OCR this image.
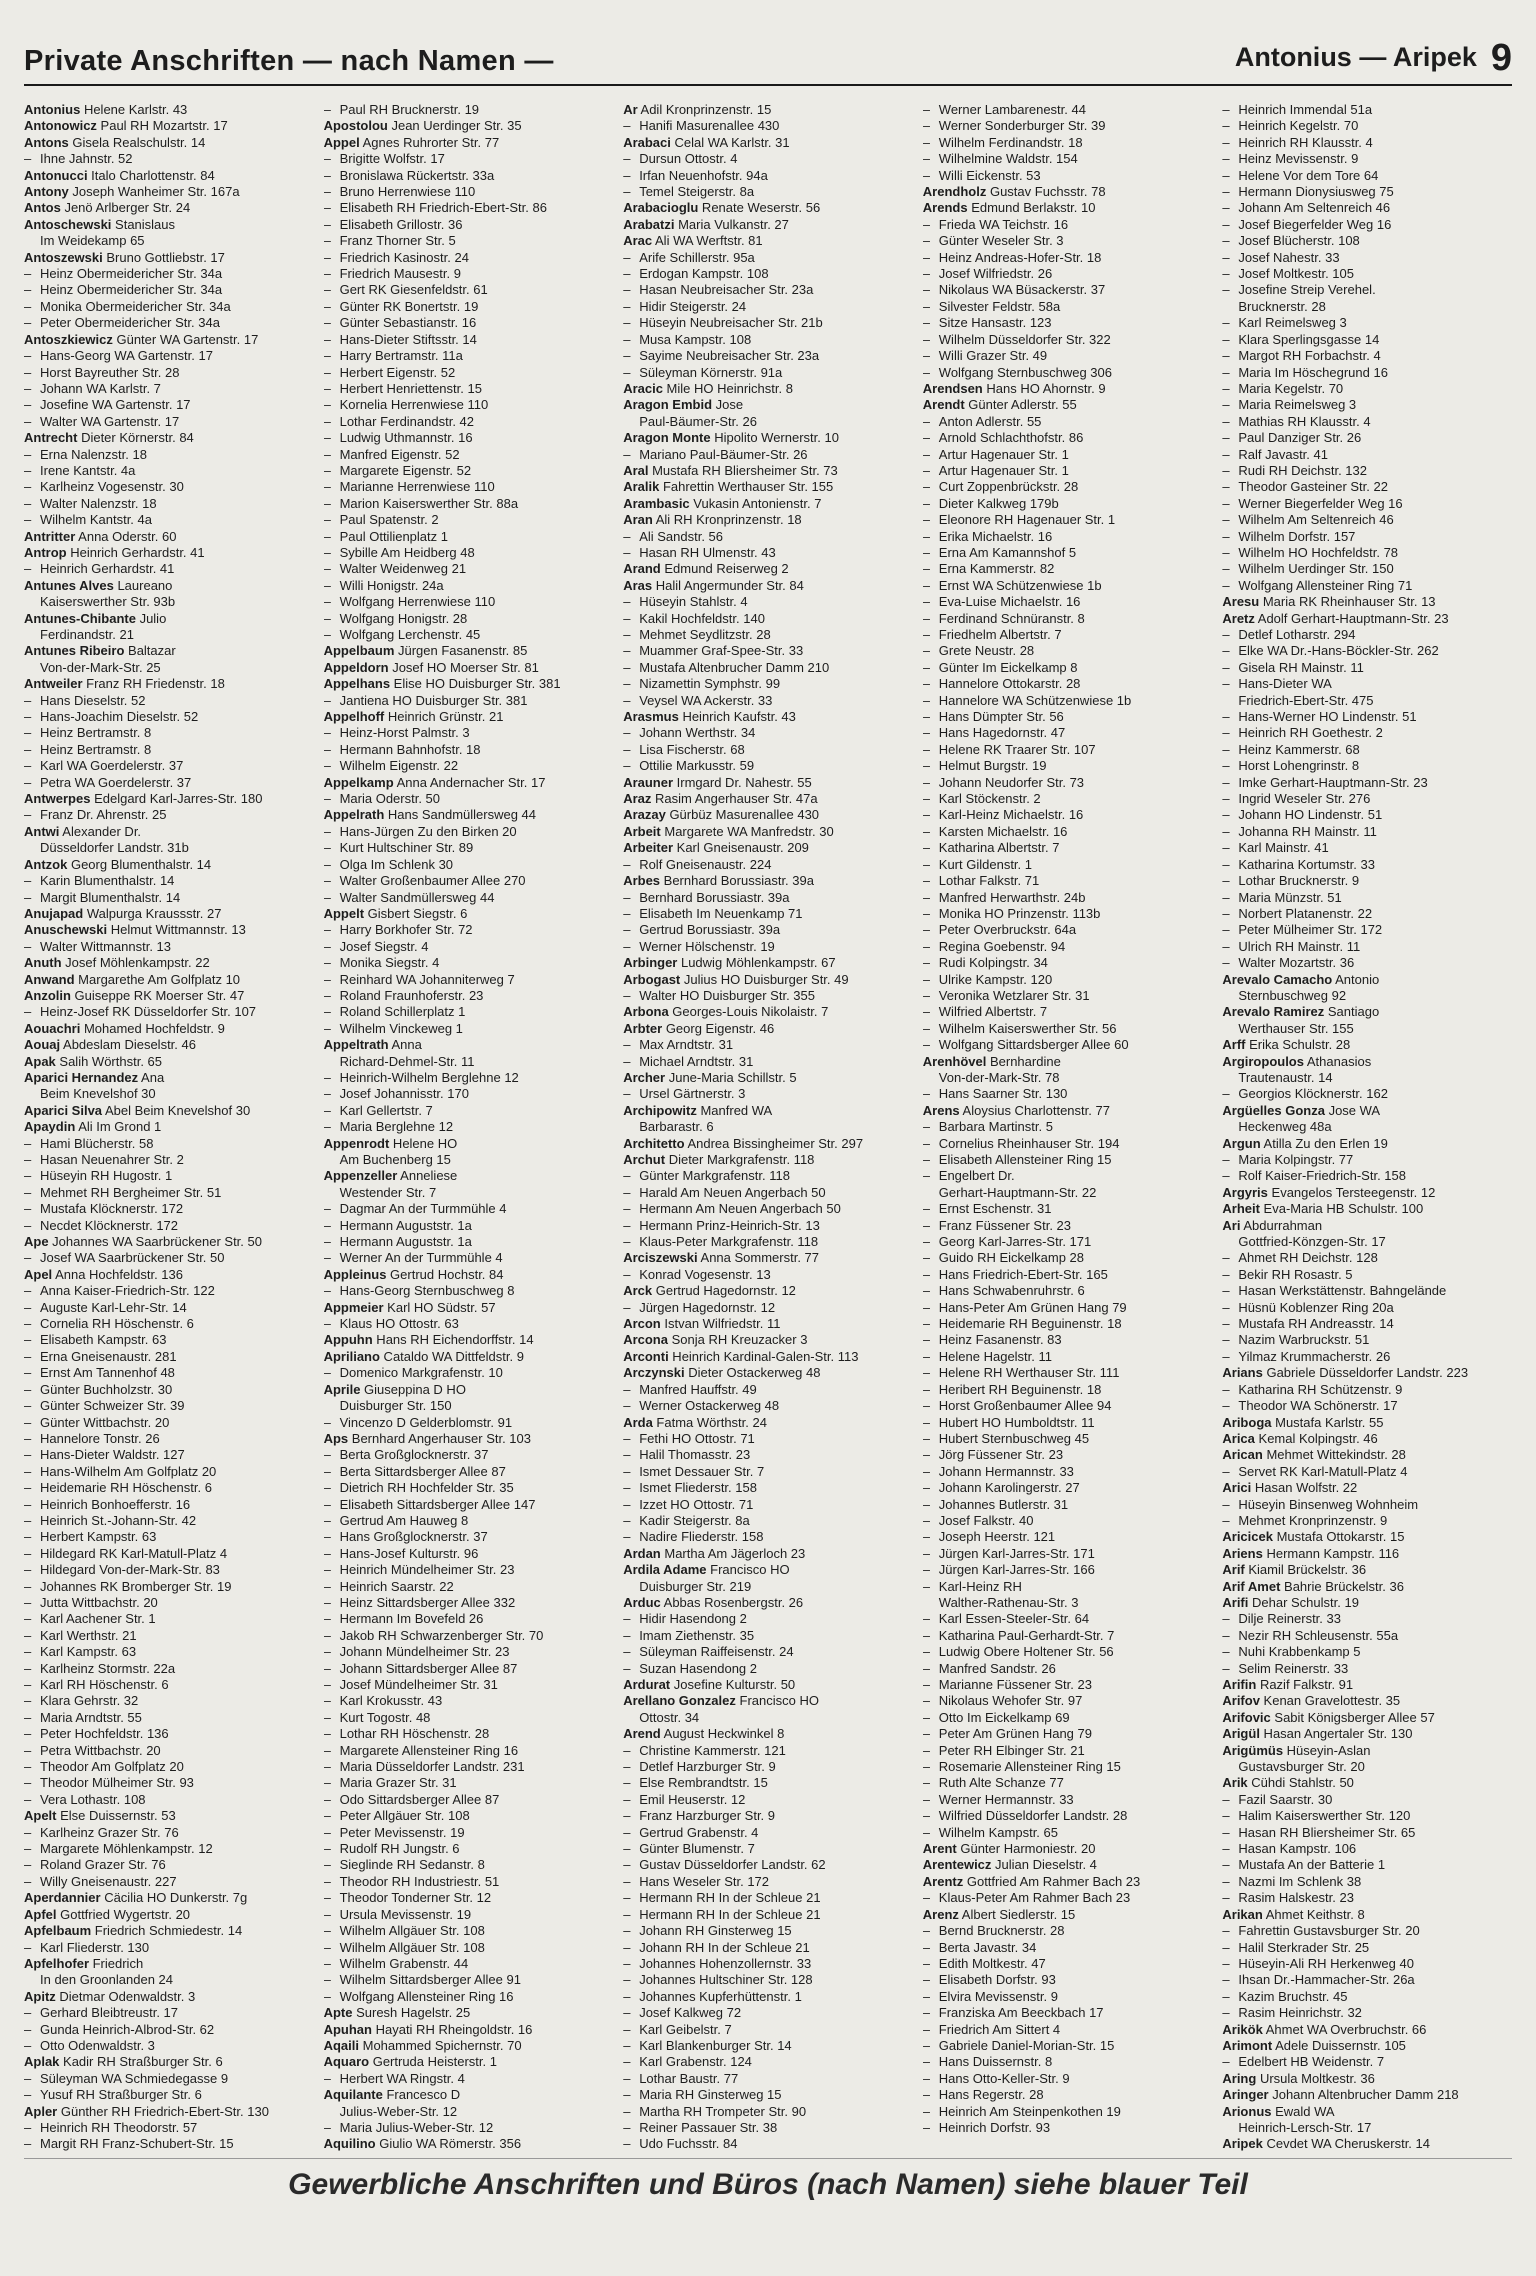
Private Anschriften — nach Namen —	Antonius — Aripek 9
Antonius Helene Karlstr. 43
Antonowicz Paul RH Mozartstr. 17
Antons Gisela Realschulstr. 14
– Ihne Jahnstr. 52
Antonucci Italo Charlottenstr. 84
Antony Joseph Wanheimer Str. 167a
Antos Jenö Arlberger Str. 24
Antoschewski Stanislaus
Im Weidekamp 65
Antoszewski Bruno Gottliebstr. 17
– Heinz Obermeidericher Str. 34a
– Heinz Obermeidericher Str. 34a
– Monika Obermeidericher Str. 34a
– Peter Obermeidericher Str. 34a
Antoszkiewicz Günter WA Gartenstr. 17
– Hans-Georg WA Gartenstr. 17
– Horst Bayreuther Str. 28
– Johann WA Karlstr. 7
– Josefine WA Gartenstr. 17
– Walter WA Gartenstr. 17
Antrecht Dieter Körnerstr. 84
– Erna Nalenzstr. 18
– Irene Kantstr. 4a
– Karlheinz Vogesenstr. 30
– Walter Nalenzstr. 18
– Wilhelm Kantstr. 4a
Antritter Anna Oderstr. 60
Antrop Heinrich Gerhardstr. 41
– Heinrich Gerhardstr. 41
Antunes Alves Laureano
Kaiserswerther Str. 93b
Antunes-Chibante Julio
Ferdinandstr. 21
Antunes Ribeiro Baltazar
Von-der-Mark-Str. 25
Antweiler Franz RH Friedenstr. 18
– Hans Dieselstr. 52
– Hans-Joachim Dieselstr. 52
– Heinz Bertramstr. 8
– Heinz Bertramstr. 8
– Karl WA Goerdelerstr. 37
– Petra WA Goerdelerstr. 37
Antwerpes Edelgard Karl-Jarres-Str. 180
– Franz Dr. Ahrenstr. 25
Antwi Alexander Dr.
Düsseldorfer Landstr. 31b
Antzok Georg Blumenthalstr. 14
– Karin Blumenthalstr. 14
– Margit Blumenthalstr. 14
Anujapad Walpurga Kraussstr. 27
Anuschewski Helmut Wittmannstr. 13
– Walter Wittmannstr. 13
Anuth Josef Möhlenkampstr. 22
Anwand Margarethe Am Golfplatz 10
Anzolin Guiseppe RK Moerser Str. 47
– Heinz-Josef RK Düsseldorfer Str. 107
Aouachri Mohamed Hochfeldstr. 9
Aouaj Abdeslam Dieselstr. 46
Apak Salih Wörthstr. 65
Aparici Hernandez Ana
Beim Knevelshof 30
Aparici Silva Abel Beim Knevelshof 30
Apaydin Ali Im Grond 1
– Hami Blücherstr. 58
– Hasan Neuenahrer Str. 2
– Hüseyin RH Hugostr. 1
– Mehmet RH Bergheimer Str. 51
– Mustafa Klöcknerstr. 172
– Necdet Klöcknerstr. 172
Ape Johannes WA Saarbrückener Str. 50
– Josef WA Saarbrückener Str. 50
Apel Anna Hochfeldstr. 136
– Anna Kaiser-Friedrich-Str. 122
– Auguste Karl-Lehr-Str. 14
– Cornelia RH Höschenstr. 6
– Elisabeth Kampstr. 63
– Erna Gneisenaustr. 281
– Ernst Am Tannenhof 48
– Günter Buchholzstr. 30
– Günter Schweizer Str. 39
– Günter Wittbachstr. 20
– Hannelore Tonstr. 26
– Hans-Dieter Waldstr. 127
– Hans-Wilhelm Am Golfplatz 20
– Heidemarie RH Höschenstr. 6
– Heinrich Bonhoefferstr. 16
– Heinrich St.-Johann-Str. 42
– Herbert Kampstr. 63
– Hildegard RK Karl-Matull-Platz 4
– Hildegard Von-der-Mark-Str. 83
– Johannes RK Bromberger Str. 19
– Jutta Wittbachstr. 20
– Karl Aachener Str. 1
– Karl Werthstr. 21
– Karl Kampstr. 63
– Karlheinz Stormstr. 22a
– Karl RH Höschenstr. 6
– Klara Gehrstr. 32
– Maria Arndtstr. 55
– Peter Hochfeldstr. 136
– Petra Wittbachstr. 20
– Theodor Am Golfplatz 20
– Theodor Mülheimer Str. 93
– Vera Lothastr. 108
Apelt Else Duissernstr. 53
– Karlheinz Grazer Str. 76
– Margarete Möhlenkampstr. 12
– Roland Grazer Str. 76
– Willy Gneisenaustr. 227
Aperdannier Cäcilia HO Dunkerstr. 7g
Apfel Gottfried Wygertstr. 20
Apfelbaum Friedrich Schmiedestr. 14
– Karl Fliederstr. 130
Apfelhofer Friedrich
In den Groonlanden 24
Apitz Dietmar Odenwaldstr. 3
– Gerhard Bleibtreustr. 17
– Gunda Heinrich-Albrod-Str. 62
– Otto Odenwaldstr. 3
Aplak Kadir RH Straßburger Str. 6
– Süleyman WA Schmiedegasse 9
– Yusuf RH Straßburger Str. 6
Apler Günther RH Friedrich-Ebert-Str. 130
– Heinrich RH Theodorstr. 57
– Margit RH Franz-Schubert-Str. 15
– Paul RH Brucknerstr. 19
Apostolou Jean Uerdinger Str. 35
Appel Agnes Ruhrorter Str. 77
– Brigitte Wolfstr. 17
– Bronislawa Rückertstr. 33a
– Bruno Herrenwiese 110
– Elisabeth RH Friedrich-Ebert-Str. 86
– Elisabeth Grillostr. 36
– Franz Thorner Str. 5
– Friedrich Kasinostr. 24
– Friedrich Mausestr. 9
– Gert RK Giesenfeldstr. 61
– Günter RK Bonertstr. 19
– Günter Sebastianstr. 16
– Hans-Dieter Stiftsstr. 14
– Harry Bertramstr. 11a
– Herbert Eigenstr. 52
– Herbert Henriettenstr. 15
– Kornelia Herrenwiese 110
– Lothar Ferdinandstr. 42
– Ludwig Uthmannstr. 16
– Manfred Eigenstr. 52
– Margarete Eigenstr. 52
– Marianne Herrenwiese 110
– Marion Kaiserswerther Str. 88a
– Paul Spatenstr. 2
– Paul Ottilienplatz 1
– Sybille Am Heidberg 48
– Walter Weidenweg 21
– Willi Honigstr. 24a
– Wolfgang Herrenwiese 110
– Wolfgang Honigstr. 28
– Wolfgang Lerchenstr. 45
Appelbaum Jürgen Fasanenstr. 85
Appeldorn Josef HO Moerser Str. 81
Appelhans Elise HO Duisburger Str. 381
– Jantiena HO Duisburger Str. 381
Appelhoff Heinrich Grünstr. 21
– Heinz-Horst Palmstr. 3
– Hermann Bahnhofstr. 18
– Wilhelm Eigenstr. 22
Appelkamp Anna Andernacher Str. 17
– Maria Oderstr. 50
Appelrath Hans Sandmüllersweg 44
– Hans-Jürgen Zu den Birken 20
– Kurt Hultschiner Str. 89
– Olga Im Schlenk 30
– Walter Großenbaumer Allee 270
– Walter Sandmüllersweg 44
Appelt Gisbert Siegstr. 6
– Harry Borkhofer Str. 72
– Josef Siegstr. 4
– Monika Siegstr. 4
– Reinhard WA Johanniterweg 7
– Roland Fraunhoferstr. 23
– Roland Schillerplatz 1
– Wilhelm Vinckeweg 1
Appeltrath Anna
Richard-Dehmel-Str. 11
– Heinrich-Wilhelm Berglehne 12
– Josef Johannisstr. 170
– Karl Gellertstr. 7
– Maria Berglehne 12
Appenrodt Helene HO
Am Buchenberg 15
Appenzeller Anneliese
Westender Str. 7
– Dagmar An der Turmmühle 4
– Hermann Auguststr. 1a
– Hermann Auguststr. 1a
– Werner An der Turmmühle 4
Appleinus Gertrud Hochstr. 84
– Hans-Georg Sternbuschweg 8
Appmeier Karl HO Südstr. 57
– Klaus HO Ottostr. 63
Appuhn Hans RH Eichendorffstr. 14
Apriliano Cataldo WA Dittfeldstr. 9
– Domenico Markgrafenstr. 10
Aprile Giuseppina D HO
Duisburger Str. 150
– Vincenzo D Gelderblomstr. 91
Aps Bernhard Angerhauser Str. 103
– Berta Großglocknerstr. 37
– Berta Sittardsberger Allee 87
– Dietrich RH Hochfelder Str. 35
– Elisabeth Sittardsberger Allee 147
– Gertrud Am Hauweg 8
– Hans Großglocknerstr. 37
– Hans-Josef Kulturstr. 96
– Heinrich Mündelheimer Str. 23
– Heinrich Saarstr. 22
– Heinz Sittardsberger Allee 332
– Hermann Im Bovefeld 26
– Jakob RH Schwarzenberger Str. 70
– Johann Mündelheimer Str. 23
– Johann Sittardsberger Allee 87
– Josef Mündelheimer Str. 31
– Karl Krokusstr. 43
– Kurt Togostr. 48
– Lothar RH Höschenstr. 28
– Margarete Allensteiner Ring 16
– Maria Düsseldorfer Landstr. 231
– Maria Grazer Str. 31
– Odo Sittardsberger Allee 87
– Peter Allgäuer Str. 108
– Peter Mevissenstr. 19
– Rudolf RH Jungstr. 6
– Sieglinde RH Sedanstr. 8
– Theodor RH Industriestr. 51
– Theodor Tonderner Str. 12
– Ursula Mevissenstr. 19
– Wilhelm Allgäuer Str. 108
– Wilhelm Allgäuer Str. 108
– Wilhelm Grabenstr. 44
– Wilhelm Sittardsberger Allee 91
– Wolfgang Allensteiner Ring 16
Apte Suresh Hagelstr. 25
Apuhan Hayati RH Rheingoldstr. 16
Aqaili Mohammed Spichernstr. 70
Aquaro Gertruda Heisterstr. 1
– Herbert WA Ringstr. 4
Aquilante Francesco D
Julius-Weber-Str. 12
– Maria Julius-Weber-Str. 12
Aquilino Giulio WA Römerstr. 356
Ar Adil Kronprinzenstr. 15
– Hanifi Masurenallee 430
Arabaci Celal WA Karlstr. 31
– Dursun Ottostr. 4
– Irfan Neuenhofstr. 94a
– Temel Steigerstr. 8a
Arabacioglu Renate Weserstr. 56
Arabatzi Maria Vulkanstr. 27
Arac Ali WA Werftstr. 81
– Arife Schillerstr. 95a
– Erdogan Kampstr. 108
– Hasan Neubreisacher Str. 23a
– Hidir Steigerstr. 24
– Hüseyin Neubreisacher Str. 21b
– Musa Kampstr. 108
– Sayime Neubreisacher Str. 23a
– Süleyman Körnerstr. 91a
Aracic Mile HO Heinrichstr. 8
Aragon Embid Jose
Paul-Bäumer-Str. 26
Aragon Monte Hipolito Wernerstr. 10
– Mariano Paul-Bäumer-Str. 26
Aral Mustafa RH Bliersheimer Str. 73
Aralik Fahrettin Werthauser Str. 155
Arambasic Vukasin Antonienstr. 7
Aran Ali RH Kronprinzenstr. 18
– Ali Sandstr. 56
– Hasan RH Ulmenstr. 43
Arand Edmund Reiserweg 2
Aras Halil Angermunder Str. 84
– Hüseyin Stahlstr. 4
– Kakil Hochfeldstr. 140
– Mehmet Seydlitzstr. 28
– Muammer Graf-Spee-Str. 33
– Mustafa Altenbrucher Damm 210
– Nizamettin Symphstr. 99
– Veysel WA Ackerstr. 33
Arasmus Heinrich Kaufstr. 43
– Johann Werthstr. 34
– Lisa Fischerstr. 68
– Ottilie Markusstr. 59
Arauner Irmgard Dr. Nahestr. 55
Araz Rasim Angerhauser Str. 47a
Arazay Gürbüz Masurenallee 430
Arbeit Margarete WA Manfredstr. 30
Arbeiter Karl Gneisenaustr. 209
– Rolf Gneisenaustr. 224
Arbes Bernhard Borussiastr. 39a
– Bernhard Borussiastr. 39a
– Elisabeth Im Neuenkamp 71
– Gertrud Borussiastr. 39a
– Werner Hölschenstr. 19
Arbinger Ludwig Möhlenkampstr. 67
Arbogast Julius HO Duisburger Str. 49
– Walter HO Duisburger Str. 355
Arbona Georges-Louis Nikolaistr. 7
Arbter Georg Eigenstr. 46
– Max Arndtstr. 31
– Michael Arndtstr. 31
Archer June-Maria Schillstr. 5
– Ursel Gärtnerstr. 3
Archipowitz Manfred WA
Barbarastr. 6
Architetto Andrea Bissingheimer Str. 297
Archut Dieter Markgrafenstr. 118
– Günter Markgrafenstr. 118
– Harald Am Neuen Angerbach 50
– Hermann Am Neuen Angerbach 50
– Hermann Prinz-Heinrich-Str. 13
– Klaus-Peter Markgrafenstr. 118
Arciszewski Anna Sommerstr. 77
– Konrad Vogesenstr. 13
Arck Gertrud Hagedornstr. 12
– Jürgen Hagedornstr. 12
Arcon Istvan Wilfriedstr. 11
Arcona Sonja RH Kreuzacker 3
Arconti Heinrich Kardinal-Galen-Str. 113
Arczynski Dieter Ostackerweg 48
– Manfred Hauffstr. 49
– Werner Ostackerweg 48
Arda Fatma Wörthstr. 24
– Fethi HO Ottostr. 71
– Halil Thomasstr. 23
– Ismet Dessauer Str. 7
– Ismet Fliederstr. 158
– Izzet HO Ottostr. 71
– Kadir Steigerstr. 8a
– Nadire Fliederstr. 158
Ardan Martha Am Jägerloch 23
Ardila Adame Francisco HO
Duisburger Str. 219
Arduc Abbas Rosenbergstr. 26
– Hidir Hasendong 2
– Imam Ziethenstr. 35
– Süleyman Raiffeisenstr. 24
– Suzan Hasendong 2
Ardurat Josefine Kulturstr. 50
Arellano Gonzalez Francisco HO
Ottostr. 34
Arend August Heckwinkel 8
– Christine Kammerstr. 121
– Detlef Harzburger Str. 9
– Else Rembrandtstr. 15
– Emil Heuserstr. 12
– Franz Harzburger Str. 9
– Gertrud Grabenstr. 4
– Günter Blumenstr. 7
– Gustav Düsseldorfer Landstr. 62
– Hans Weseler Str. 172
– Hermann RH In der Schleue 21
– Hermann RH In der Schleue 21
– Johann RH Ginsterweg 15
– Johann RH In der Schleue 21
– Johannes Hohenzollernstr. 33
– Johannes Hultschiner Str. 128
– Johannes Kupferhüttenstr. 1
– Josef Kalkweg 72
– Karl Geibelstr. 7
– Karl Blankenburger Str. 14
– Karl Grabenstr. 124
– Lothar Baustr. 77
– Maria RH Ginsterweg 15
– Martha RH Trompeter Str. 90
– Reiner Passauer Str. 38
– Udo Fuchsstr. 84
– Werner Lambarenestr. 44
– Werner Sonderburger Str. 39
– Wilhelm Ferdinandstr. 18
– Wilhelmine Waldstr. 154
– Willi Eickenstr. 53
Arendholz Gustav Fuchsstr. 78
Arends Edmund Berlakstr. 10
– Frieda WA Teichstr. 16
– Günter Weseler Str. 3
– Heinz Andreas-Hofer-Str. 18
– Josef Wilfriedstr. 26
– Nikolaus WA Büsackerstr. 37
– Silvester Feldstr. 58a
– Sitze Hansastr. 123
– Wilhelm Düsseldorfer Str. 322
– Willi Grazer Str. 49
– Wolfgang Sternbuschweg 306
Arendsen Hans HO Ahornstr. 9
Arendt Günter Adlerstr. 55
– Anton Adlerstr. 55
– Arnold Schlachthofstr. 86
– Artur Hagenauer Str. 1
– Artur Hagenauer Str. 1
– Curt Zoppenbrückstr. 28
– Dieter Kalkweg 179b
– Eleonore RH Hagenauer Str. 1
– Erika Michaelstr. 16
– Erna Am Kamannshof 5
– Erna Kammerstr. 82
– Ernst WA Schützenwiese 1b
– Eva-Luise Michaelstr. 16
– Ferdinand Schnüranstr. 8
– Friedhelm Albertstr. 7
– Grete Neustr. 28
– Günter Im Eickelkamp 8
– Hannelore Ottokarstr. 28
– Hannelore WA Schützenwiese 1b
– Hans Dümpter Str. 56
– Hans Hagedornstr. 47
– Helene RK Traarer Str. 107
– Helmut Burgstr. 19
– Johann Neudorfer Str. 73
– Karl Stöckenstr. 2
– Karl-Heinz Michaelstr. 16
– Karsten Michaelstr. 16
– Katharina Albertstr. 7
– Kurt Gildenstr. 1
– Lothar Falkstr. 71
– Manfred Herwarthstr. 24b
– Monika HO Prinzenstr. 113b
– Peter Overbruckstr. 64a
– Regina Goebenstr. 94
– Rudi Kolpingstr. 34
– Ulrike Kampstr. 120
– Veronika Wetzlarer Str. 31
– Wilfried Albertstr. 7
– Wilhelm Kaiserswerther Str. 56
– Wolfgang Sittardsberger Allee 60
Arenhövel Bernhardine
Von-der-Mark-Str. 78
– Hans Saarner Str. 130
Arens Aloysius Charlottenstr. 77
– Barbara Martinstr. 5
– Cornelius Rheinhauser Str. 194
– Elisabeth Allensteiner Ring 15
– Engelbert Dr.
Gerhart-Hauptmann-Str. 22
– Ernst Eschenstr. 31
– Franz Füssener Str. 23
– Georg Karl-Jarres-Str. 171
– Guido RH Eickelkamp 28
– Hans Friedrich-Ebert-Str. 165
– Hans Schwabenruhrstr. 6
– Hans-Peter Am Grünen Hang 79
– Heidemarie RH Beguinenstr. 18
– Heinz Fasanenstr. 83
– Helene Hagelstr. 11
– Helene RH Werthauser Str. 111
– Heribert RH Beguinenstr. 18
– Horst Großenbaumer Allee 94
– Hubert HO Humboldtstr. 11
– Hubert Sternbuschweg 45
– Jörg Füssener Str. 23
– Johann Hermannstr. 33
– Johann Karolingerstr. 27
– Johannes Butlerstr. 31
– Josef Falkstr. 40
– Joseph Heerstr. 121
– Jürgen Karl-Jarres-Str. 171
– Jürgen Karl-Jarres-Str. 166
– Karl-Heinz RH
Walther-Rathenau-Str. 3
– Karl Essen-Steeler-Str. 64
– Katharina Paul-Gerhardt-Str. 7
– Ludwig Obere Holtener Str. 56
– Manfred Sandstr. 26
– Marianne Füssener Str. 23
– Nikolaus Wehofer Str. 97
– Otto Im Eickelkamp 69
– Peter Am Grünen Hang 79
– Peter RH Elbinger Str. 21
– Rosemarie Allensteiner Ring 15
– Ruth Alte Schanze 77
– Werner Hermannstr. 33
– Wilfried Düsseldorfer Landstr. 28
– Wilhelm Kampstr. 65
Arent Günter Harmoniestr. 20
Arentewicz Julian Dieselstr. 4
Arentz Gottfried Am Rahmer Bach 23
– Klaus-Peter Am Rahmer Bach 23
Arenz Albert Siedlerstr. 15
– Bernd Brucknerstr. 28
– Berta Javastr. 34
– Edith Moltkestr. 47
– Elisabeth Dorfstr. 93
– Elvira Mevissenstr. 9
– Franziska Am Beeckbach 17
– Friedrich Am Sittert 4
– Gabriele Daniel-Morian-Str. 15
– Hans Duissernstr. 8
– Hans Otto-Keller-Str. 9
– Hans Regerstr. 28
– Heinrich Am Steinpenkothen 19
– Heinrich Dorfstr. 93
– Heinrich Immendal 51a
– Heinrich Kegelstr. 70
– Heinrich RH Klausstr. 4
– Heinz Mevissenstr. 9
– Helene Vor dem Tore 64
– Hermann Dionysiusweg 75
– Johann Am Seltenreich 46
– Josef Biegerfelder Weg 16
– Josef Blücherstr. 108
– Josef Nahestr. 33
– Josef Moltkestr. 105
– Josefine Streip Verehel.
Brucknerstr. 28
– Karl Reimelsweg 3
– Klara Sperlingsgasse 14
– Margot RH Forbachstr. 4
– Maria Im Höschegrund 16
– Maria Kegelstr. 70
– Maria Reimelsweg 3
– Mathias RH Klausstr. 4
– Paul Danziger Str. 26
– Ralf Javastr. 41
– Rudi RH Deichstr. 132
– Theodor Gasteiner Str. 22
– Werner Biegerfelder Weg 16
– Wilhelm Am Seltenreich 46
– Wilhelm Dorfstr. 157
– Wilhelm HO Hochfeldstr. 78
– Wilhelm Uerdinger Str. 150
– Wolfgang Allensteiner Ring 71
Aresu Maria RK Rheinhauser Str. 13
Aretz Adolf Gerhart-Hauptmann-Str. 23
– Detlef Lotharstr. 294
– Elke WA Dr.-Hans-Böckler-Str. 262
– Gisela RH Mainstr. 11
– Hans-Dieter WA
Friedrich-Ebert-Str. 475
– Hans-Werner HO Lindenstr. 51
– Heinrich RH Goethestr. 2
– Heinz Kammerstr. 68
– Horst Lohengrinstr. 8
– Imke Gerhart-Hauptmann-Str. 23
– Ingrid Weseler Str. 276
– Johann HO Lindenstr. 51
– Johanna RH Mainstr. 11
– Karl Mainstr. 41
– Katharina Kortumstr. 33
– Lothar Brucknerstr. 9
– Maria Münzstr. 51
– Norbert Platanenstr. 22
– Peter Mülheimer Str. 172
– Ulrich RH Mainstr. 11
– Walter Mozartstr. 36
Arevalo Camacho Antonio
Sternbuschweg 92
Arevalo Ramirez Santiago
Werthauser Str. 155
Arff Erika Schulstr. 28
Argiropoulos Athanasios
Trautenaustr. 14
– Georgios Klöcknerstr. 162
Argüelles Gonza Jose WA
Heckenweg 48a
Argun Atilla Zu den Erlen 19
– Maria Kolpingstr. 77
– Rolf Kaiser-Friedrich-Str. 158
Argyris Evangelos Tersteegenstr. 12
Arheit Eva-Maria HB Schulstr. 100
Ari Abdurrahman
Gottfried-Könzgen-Str. 17
– Ahmet RH Deichstr. 128
– Bekir RH Rosastr. 5
– Hasan Werkstättenstr. Bahngelände
– Hüsnü Koblenzer Ring 20a
– Mustafa RH Andreasstr. 14
– Nazim Warbruckstr. 51
– Yilmaz Krummacherstr. 26
Arians Gabriele Düsseldorfer Landstr. 223
– Katharina RH Schützenstr. 9
– Theodor WA Schönerstr. 17
Aribogа Mustafa Karlstr. 55
Arica Kemal Kolpingstr. 46
Arican Mehmet Wittekindstr. 28
– Servet RK Karl-Matull-Platz 4
Arici Hasan Wolfstr. 22
– Hüseyin Binsenweg Wohnheim
– Mehmet Kronprinzenstr. 9
Aricicek Mustafa Ottokarstr. 15
Ariens Hermann Kampstr. 116
Arif Kiamil Brückelstr. 36
Arif Amet Bahrie Brückelstr. 36
Arifi Dehar Schulstr. 19
– Dilje Reinerstr. 33
– Nezir RH Schleusenstr. 55a
– Nuhi Krabbenkamp 5
– Selim Reinerstr. 33
Arifin Razif Falkstr. 91
Arifov Kenan Gravelottestr. 35
Arifovic Sabit Königsberger Allee 57
Arigül Hasan Angertaler Str. 130
Arigümüs Hüseyin-Aslan
Gustavsburger Str. 20
Arik Cühdi Stahlstr. 50
– Fazil Saarstr. 30
– Halim Kaiserswerther Str. 120
– Hasan RH Bliersheimer Str. 65
– Hasan Kampstr. 106
– Mustafa An der Batterie 1
– Nazmi Im Schlenk 38
– Rasim Halskestr. 23
Arikan Ahmet Keithstr. 8
– Fahrettin Gustavsburger Str. 20
– Halil Sterkrader Str. 25
– Hüseyin-Ali RH Herkenweg 40
– Ihsan Dr.-Hammacher-Str. 26a
– Kazim Bruchstr. 45
– Rasim Heinrichstr. 32
Arikök Ahmet WA Overbruchstr. 66
Arimont Adele Duissernstr. 105
– Edelbert HB Weidenstr. 7
Aring Ursula Moltkestr. 36
Aringer Johann Altenbrucher Damm 218
Arionus Ewald WA
Heinrich-Lersch-Str. 17
Aripek Cevdet WA Cheruskerstr. 14
Gewerbliche Anschriften und Büros (nach Namen) siehe blauer Teil
